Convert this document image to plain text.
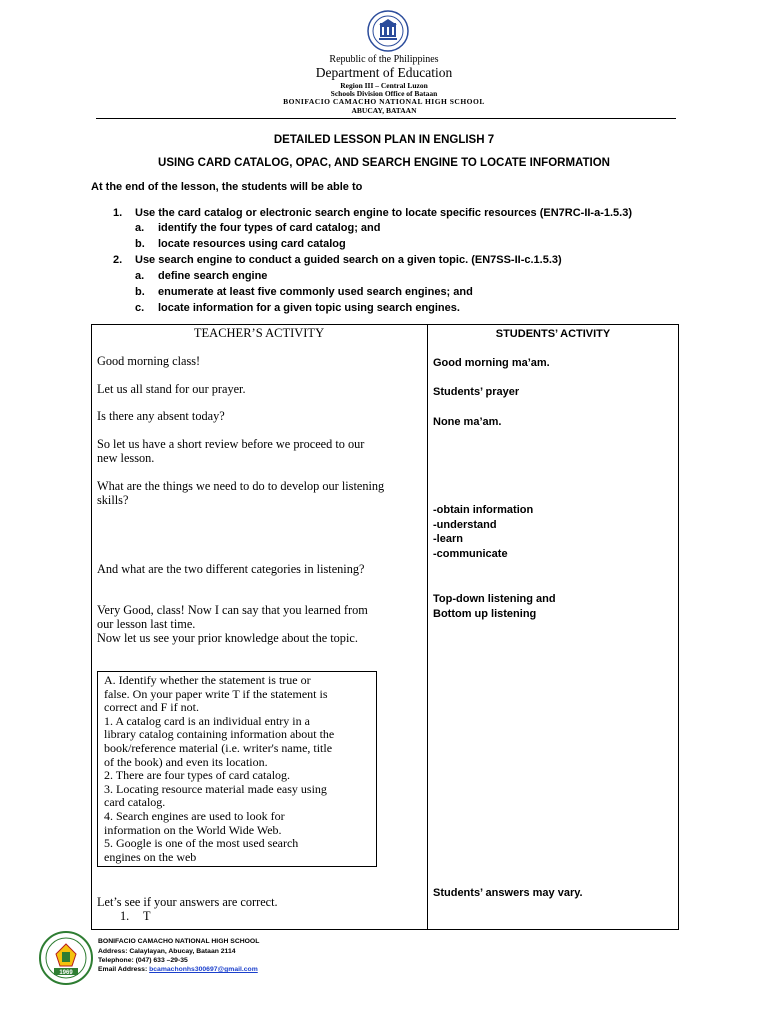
Republic of the Philippines
Department of Education
Region III – Central Luzon
Schools Division Office of Bataan
BONIFACIO CAMACHO NATIONAL HIGH SCHOOL
ABUCAY, BATAAN
DETAILED LESSON PLAN IN ENGLISH 7
USING CARD CATALOG, OPAC, AND SEARCH ENGINE TO LOCATE INFORMATION
At the end of the lesson, the students will be able to
1. Use the card catalog or electronic search engine to locate specific resources (EN7RC-II-a-1.5.3)
a. identify the four types of card catalog; and
b. locate resources using card catalog
2. Use search engine to conduct a guided search on a given topic. (EN7SS-II-c.1.5.3)
a. define search engine
b. enumerate at least five commonly used search engines; and
c. locate information for a given topic using search engines.
TEACHER’S ACTIVITY	STUDENTS’ ACTIVITY
Good morning class!
Let us all stand for our prayer.
Is there any absent today?
So let us have a short review before we proceed to our
new lesson.
What are the things we need to do to develop our listening
skills?
And what are the two different categories in listening?
Very Good, class! Now I can say that you learned from
our lesson last time.
Now let us see your prior knowledge about the topic.
A. Identify whether the statement is true or
false. On your paper write T if the statement is
correct and F if not.
1. A catalog card is an individual entry in a
library catalog containing information about the
book/reference material (i.e. writer's name, title
of the book) and even its location.
2. There are four types of card catalog.
3. Locating resource material made easy using
card catalog.
4. Search engines are used to look for
information on the World Wide Web.
5. Google is one of the most used search
engines on the web
Let’s see if your answers are correct.
1. T
Good morning ma’am.
Students’ prayer
None ma’am.
-obtain information
-understand
-learn
-communicate
Top-down listening and
Bottom up listening
Students’ answers may vary.
1969
BONIFACIO CAMACHO NATIONAL HIGH SCHOOL
Address: Calaylayan, Abucay, Bataan 2114
Telephone: (047) 633 –29-35
Email Address: bcamachonhs300697@gmail.com
